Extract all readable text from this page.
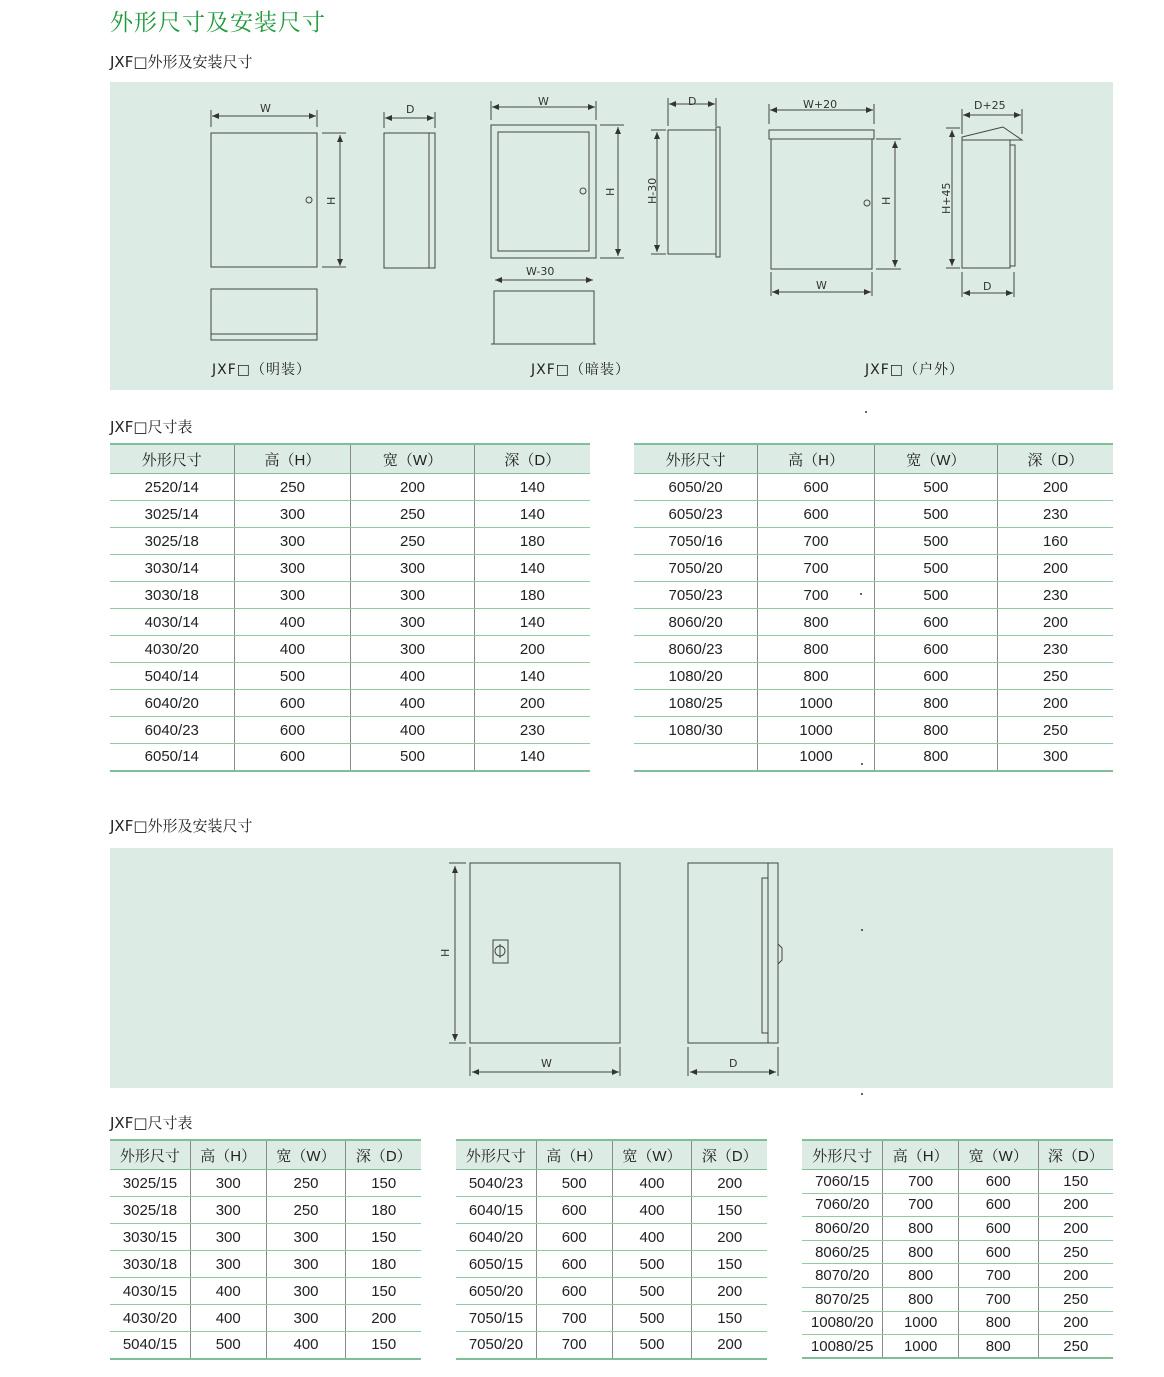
外形尺寸及安装尺寸
JXF□外形及安装尺寸
W	D
H
W
H
D
H-30
W-30
W+20
H
W
D+25
H+45
D
JXF□（明装）	JXF□（暗装）	JXF□（户外）
JXF□尺寸表
外形尺寸	高（H）	宽（W）	深（D）
2520/14	250	200	140
3025/14	300	250	140
3025/18	300	250	180
3030/14	300	300	140
3030/18	300	300	180
4030/14	400	300	140
4030/20	400	300	200
5040/14	500	400	140
6040/20	600	400	200
6040/23	600	400	230
6050/14	600	500	140
外形尺寸	高（H）	宽（W）	深（D）
6050/20	600	500	200
6050/23	600	500	230
7050/16	700	500	160
7050/20	700	500	200
7050/23	700	500	230
8060/20	800	600	200
8060/23	800	600	230
1080/20	800	600	250
1080/25	1000	800	200
1080/30	1000	800	250
	1000	800	300
JXF□外形及安装尺寸
H
W	D
JXF□尺寸表
外形尺寸	高（H）	宽（W）	深（D）
3025/15	300	250	150
3025/18	300	250	180
3030/15	300	300	150
3030/18	300	300	180
4030/15	400	300	150
4030/20	400	300	200
5040/15	500	400	150
外形尺寸	高（H）	宽（W）	深（D）
5040/23	500	400	200
6040/15	600	400	150
6040/20	600	400	200
6050/15	600	500	150
6050/20	600	500	200
7050/15	700	500	150
7050/20	700	500	200
外形尺寸	高（H）	宽（W）	深（D）
7060/15	700	600	150
7060/20	700	600	200
8060/20	800	600	200
8060/25	800	600	250
8070/20	800	700	200
8070/25	800	700	250
10080/20	1000	800	200
10080/25	1000	800	250
